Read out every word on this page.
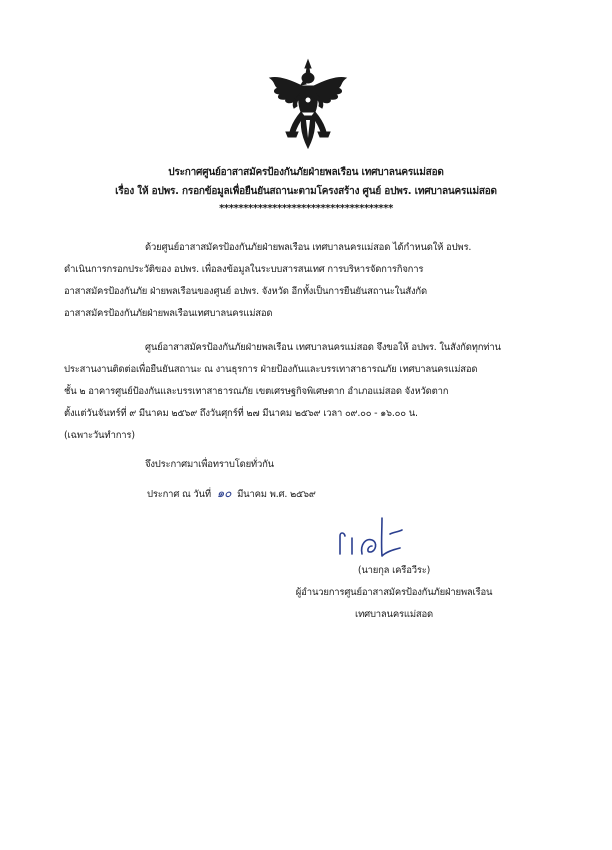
ประกาศศูนย์อาสาสมัครป้องกันภัยฝ่ายพลเรือน เทศบาลนครแม่สอด
เรื่อง ให้ อปพร. กรอกข้อมูลเพื่อยืนยันสถานะตามโครงสร้าง ศูนย์ อปพร. เทศบาลนครแม่สอด
************************************
ด้วยศูนย์อาสาสมัครป้องกันภัยฝ่ายพลเรือน เทศบาลนครแม่สอด ได้กำหนดให้ อปพร.
ดำเนินการกรอกประวัติของ อปพร. เพื่อลงข้อมูลในระบบสารสนเทศ การบริหารจัดการกิจการ
อาสาสมัครป้องกันภัย ฝ่ายพลเรือนของศูนย์ อปพร. จังหวัด อีกทั้งเป็นการยืนยันสถานะในสังกัด
อาสาสมัครป้องกันภัยฝ่ายพลเรือนเทศบาลนครแม่สอด
ศูนย์อาสาสมัครป้องกันภัยฝ่ายพลเรือน เทศบาลนครแม่สอด จึงขอให้ อปพร. ในสังกัดทุกท่าน
ประสานงานติดต่อเพื่อยืนยันสถานะ ณ งานธุรการ ฝ่ายป้องกันและบรรเทาสาธารณภัย เทศบาลนครแม่สอด
ชั้น ๒ อาคารศูนย์ป้องกันและบรรเทาสาธารณภัย เขตเศรษฐกิจพิเศษตาก อำเภอแม่สอด จังหวัดตาก
ตั้งแต่วันจันทร์ที่ ๙ มีนาคม ๒๕๖๙ ถึงวันศุกร์ที่ ๒๗ มีนาคม ๒๕๖๙ เวลา ๐๙.๐๐ - ๑๖.๐๐ น.
(เฉพาะวันทำการ)
จึงประกาศมาเพื่อทราบโดยทั่วกัน
ประกาศ ณ วันที่ ๑๐ มีนาคม พ.ศ. ๒๕๖๙
(นายกุล เครือวีระ)
ผู้อำนวยการศูนย์อาสาสมัครป้องกันภัยฝ่ายพลเรือน
เทศบาลนครแม่สอด
